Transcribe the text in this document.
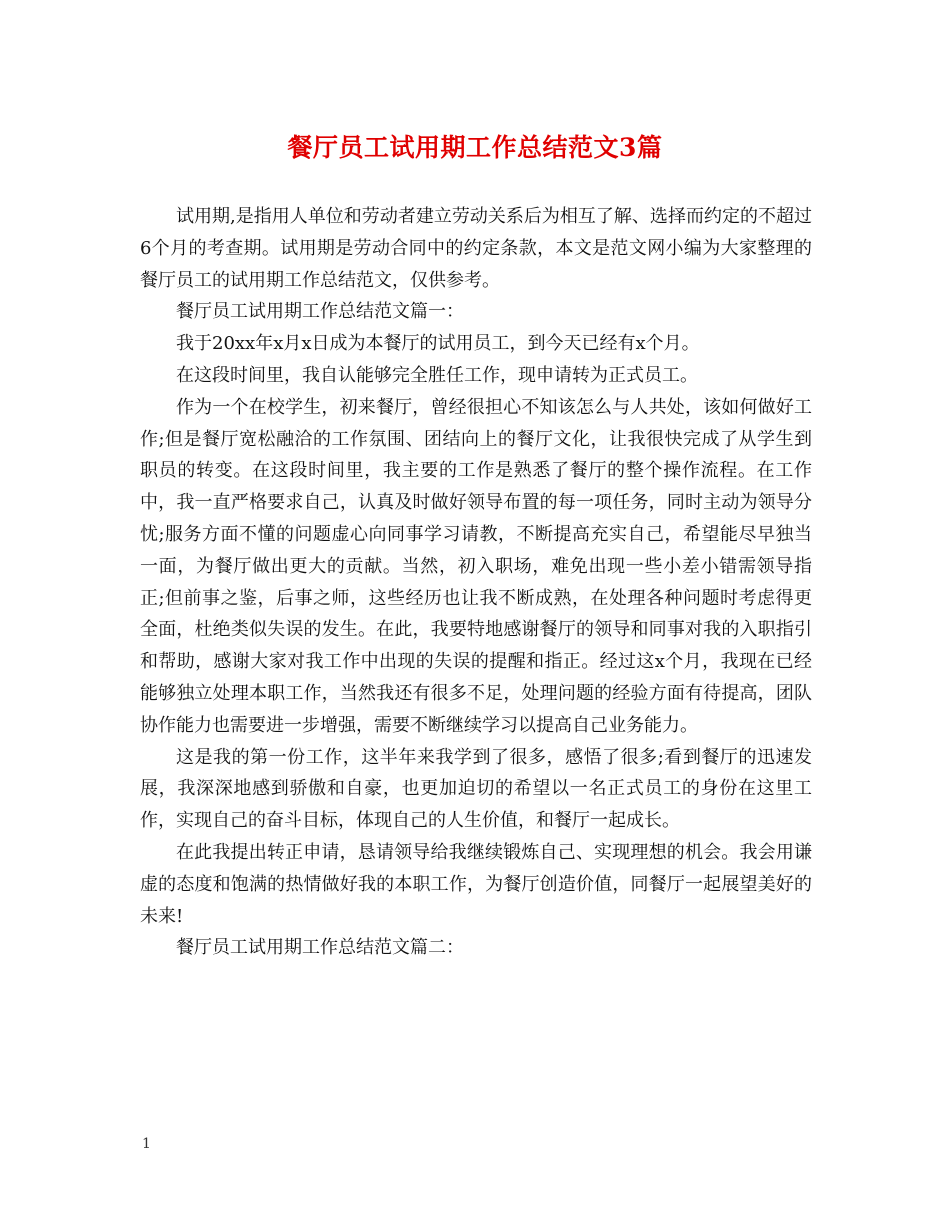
餐厅员工试用期工作总结范文3篇

试用期,是指用人单位和劳动者建立劳动关系后为相互了解、选择而约定的不超过6个月的考查期。试用期是劳动合同中的约定条款，本文是范文网小编为大家整理的餐厅员工的试用期工作总结范文，仅供参考。

餐厅员工试用期工作总结范文篇一：

我于20xx年x月x日成为本餐厅的试用员工，到今天已经有x个月。

在这段时间里，我自认能够完全胜任工作，现申请转为正式员工。

作为一个在校学生，初来餐厅，曾经很担心不知该怎么与人共处，该如何做好工作;但是餐厅宽松融洽的工作氛围、团结向上的餐厅文化，让我很快完成了从学生到职员的转变。在这段时间里，我主要的工作是熟悉了餐厅的整个操作流程。在工作中，我一直严格要求自己，认真及时做好领导布置的每一项任务，同时主动为领导分忧;服务方面不懂的问题虚心向同事学习请教，不断提高充实自己，希望能尽早独当一面，为餐厅做出更大的贡献。当然，初入职场，难免出现一些小差小错需领导指正;但前事之鉴，后事之师，这些经历也让我不断成熟，在处理各种问题时考虑得更全面，杜绝类似失误的发生。在此，我要特地感谢餐厅的领导和同事对我的入职指引和帮助，感谢大家对我工作中出现的失误的提醒和指正。经过这x个月，我现在已经能够独立处理本职工作，当然我还有很多不足，处理问题的经验方面有待提高，团队协作能力也需要进一步增强，需要不断继续学习以提高自己业务能力。

这是我的第一份工作，这半年来我学到了很多，感悟了很多;看到餐厅的迅速发展，我深深地感到骄傲和自豪，也更加迫切的希望以一名正式员工的身份在这里工作，实现自己的奋斗目标，体现自己的人生价值，和餐厅一起成长。

在此我提出转正申请，恳请领导给我继续锻炼自己、实现理想的机会。我会用谦虚的态度和饱满的热情做好我的本职工作，为餐厅创造价值，同餐厅一起展望美好的未来!

餐厅员工试用期工作总结范文篇二：

1
